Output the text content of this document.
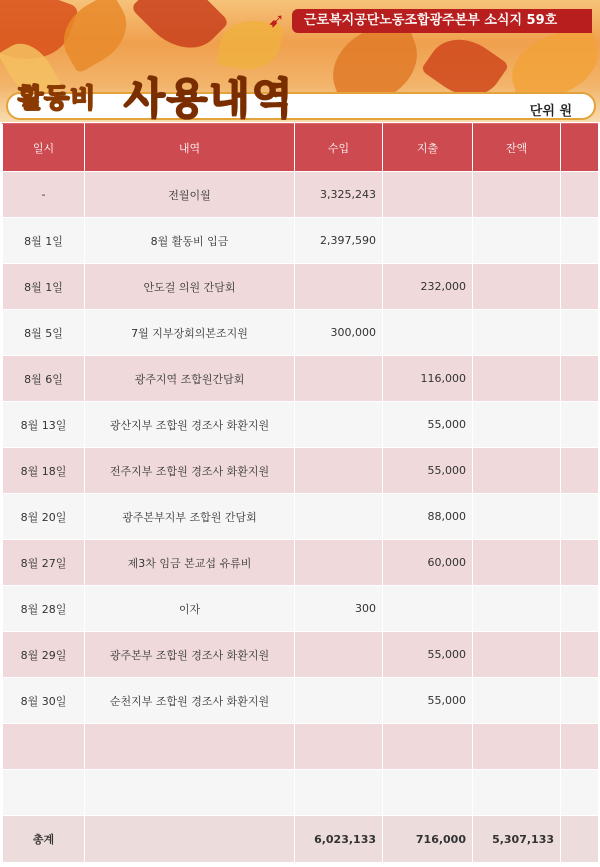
➹	근로복지공단노동조합광주본부 소식지 59호
활동비 사용내역	단위 원
일시	내역	수입	지출	잔액	
-	전월이월	3,325,243			
8월 1일	8월 활동비 입금	2,397,590			
8월 1일	안도걸 의원 간담회		232,000		
8월 5일	7월 지부장회의본조지원	300,000			
8월 6일	광주지역 조합원간담회		116,000		
8월 13일	광산지부 조합원 경조사 화환지원		55,000		
8월 18일	전주지부 조합원 경조사 화환지원		55,000		
8월 20일	광주본부지부 조합원 간담회		88,000		
8월 27일	제3차 임금 본교섭 유류비		60,000		
8월 28일	이자	300			
8월 29일	광주본부 조합원 경조사 화환지원		55,000		
8월 30일	순천지부 조합원 경조사 화환지원		55,000		

총계		6,023,133	716,000	5,307,133	
